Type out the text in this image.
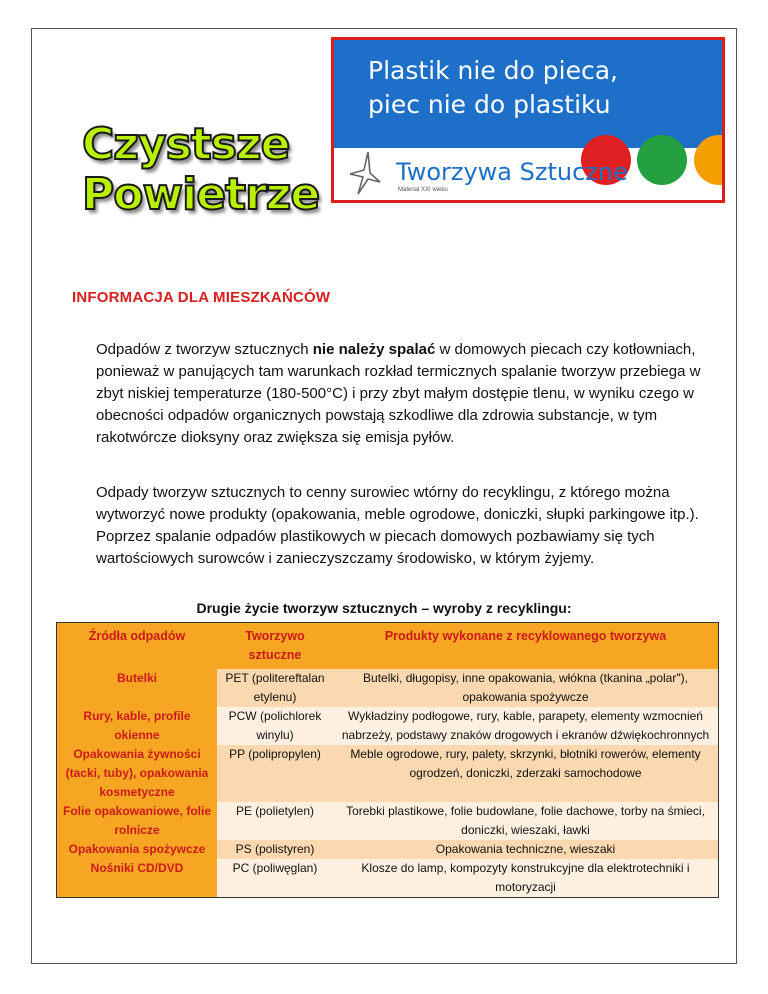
Czystsze
Powietrze
Plastik nie do pieca,
piec nie do plastiku
Tworzywa Sztuczne
Materiał XXI wieku
INFORMACJA DLA MIESZKAŃCÓW

Odpadów z tworzyw sztucznych nie należy spalać w domowych piecach czy kotłowniach, ponieważ w panujących tam warunkach rozkład termicznych spalanie tworzyw przebiega w zbyt niskiej temperaturze (180-500°C) i przy zbyt małym dostępie tlenu, w wyniku czego w obecności odpadów organicznych powstają szkodliwe dla zdrowia substancje, w tym rakotwórcze dioksyny oraz zwiększa się emisja pyłów.

Odpady tworzyw sztucznych to cenny surowiec wtórny do recyklingu, z którego można wytworzyć nowe produkty (opakowania, meble ogrodowe, doniczki, słupki parkingowe itp.). Poprzez spalanie odpadów plastikowych w piecach domowych pozbawiamy się tych wartościowych surowców i zanieczyszczamy środowisko, w którym żyjemy.

Drugie życie tworzyw sztucznych – wyroby z recyklingu:
Źródła odpadów	Tworzywo sztuczne	Produkty wykonane z recyklowanego tworzywa
Butelki	PET (politereftalan etylenu)	Butelki, długopisy, inne opakowania, włókna (tkanina „polar"), opakowania spożywcze
Rury, kable, profile okienne	PCW (polichlorek winylu)	Wykładziny podłogowe, rury, kable, parapety, elementy wzmocnień nabrzeży, podstawy znaków drogowych i ekranów dźwiękochronnych
Opakowania żywności (tacki, tuby), opakowania kosmetyczne	PP (polipropylen)	Meble ogrodowe, rury, palety, skrzynki, błotniki rowerów, elementy ogrodzeń, doniczki, zderzaki samochodowe
Folie opakowaniowe, folie rolnicze	PE (polietylen)	Torebki plastikowe, folie budowlane, folie dachowe, torby na śmieci, doniczki, wieszaki, ławki
Opakowania spożywcze	PS (polistyren)	Opakowania techniczne, wieszaki
Nośniki CD/DVD	PC (poliwęglan)	Klosze do lamp, kompozyty konstrukcyjne dla elektrotechniki i motoryzacji
